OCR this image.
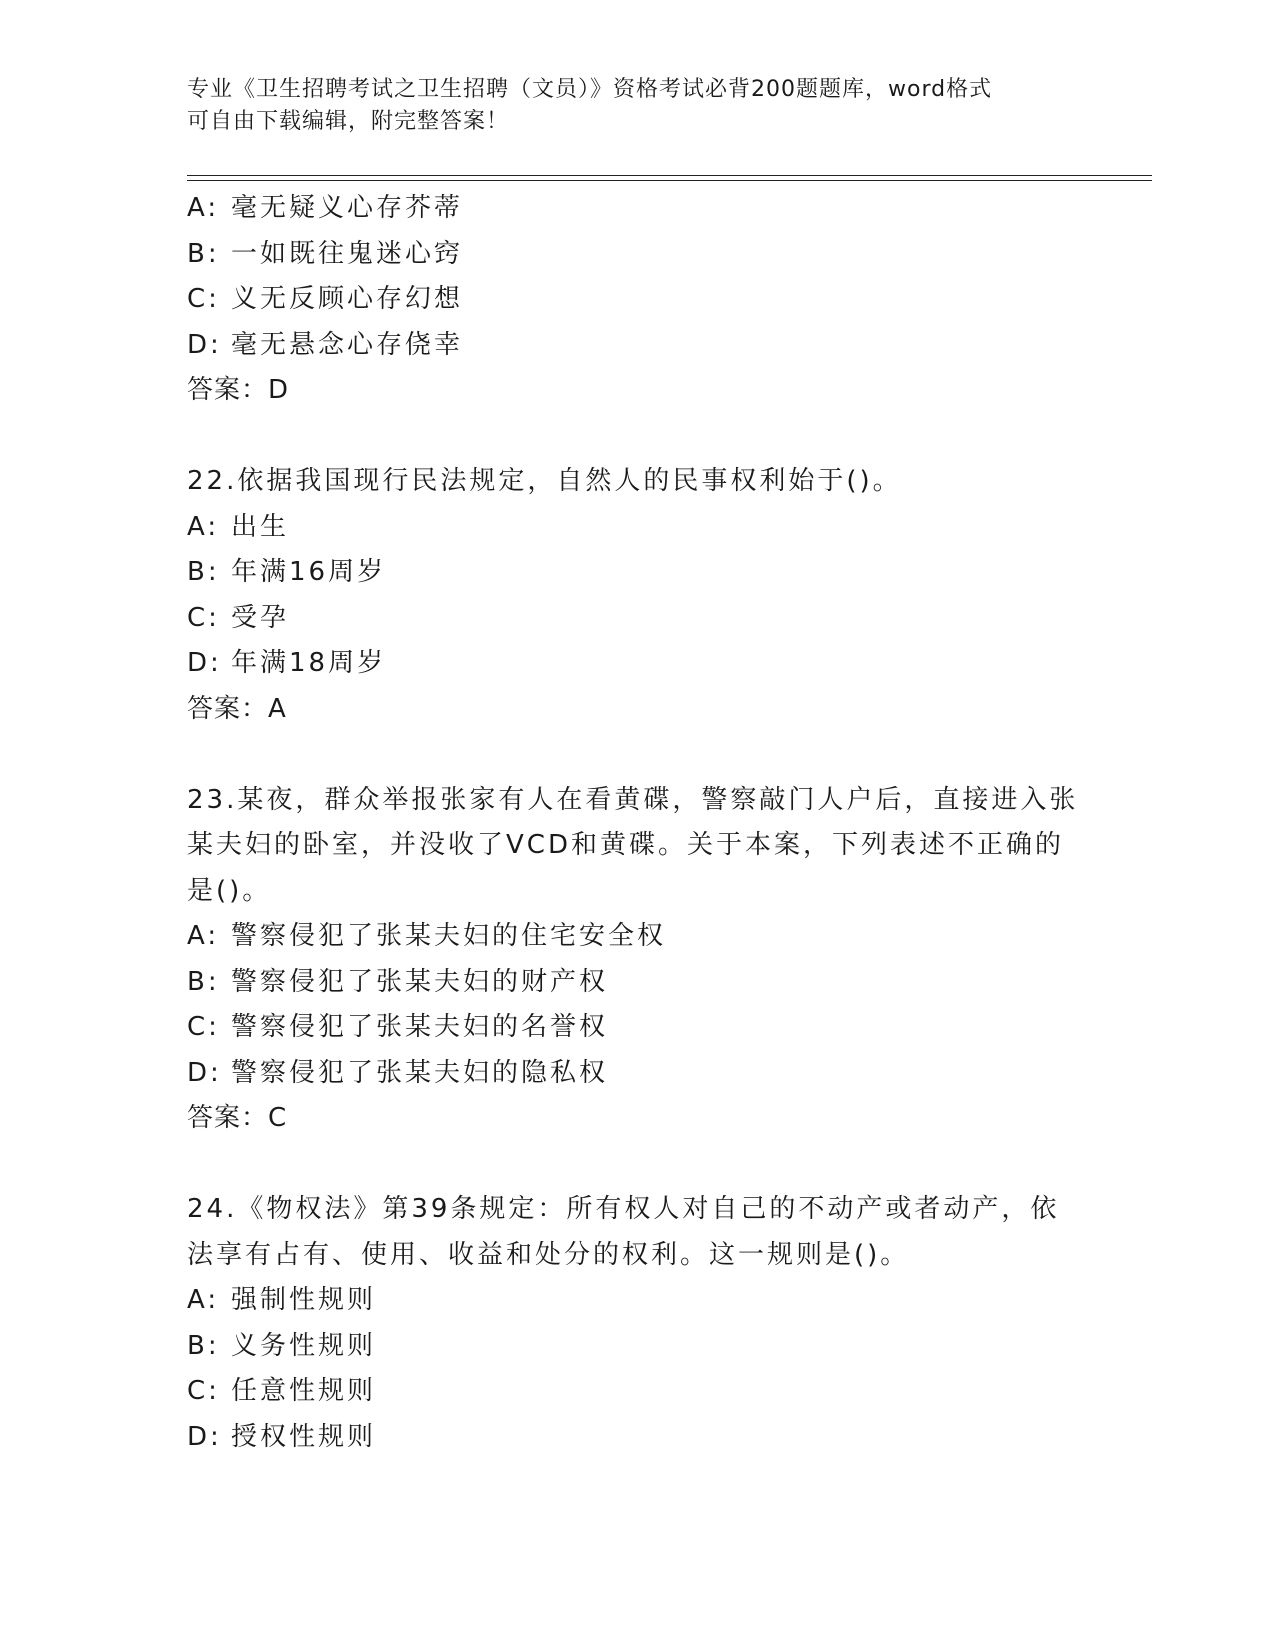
专业《卫生招聘考试之卫生招聘（文员）》资格考试必背200题题库，word格式
可自由下载编辑，附完整答案！
A: 毫无疑义心存芥蒂
B: 一如既往鬼迷心窍
C: 义无反顾心存幻想
D: 毫无悬念心存侥幸
答案：D
22.依据我国现行民法规定，自然人的民事权利始于()。
A: 出生
B: 年满16周岁
C: 受孕
D: 年满18周岁
答案：A
23.某夜，群众举报张家有人在看黄碟，警察敲门人户后，直接进入张
某夫妇的卧室，并没收了VCD和黄碟。关于本案，下列表述不正确的
是()。
A: 警察侵犯了张某夫妇的住宅安全权
B: 警察侵犯了张某夫妇的财产权
C: 警察侵犯了张某夫妇的名誉权
D: 警察侵犯了张某夫妇的隐私权
答案：C
24.《物权法》第39条规定：所有权人对自己的不动产或者动产，依
法享有占有、使用、收益和处分的权利。这一规则是()。
A: 强制性规则
B: 义务性规则
C: 任意性规则
D: 授权性规则
